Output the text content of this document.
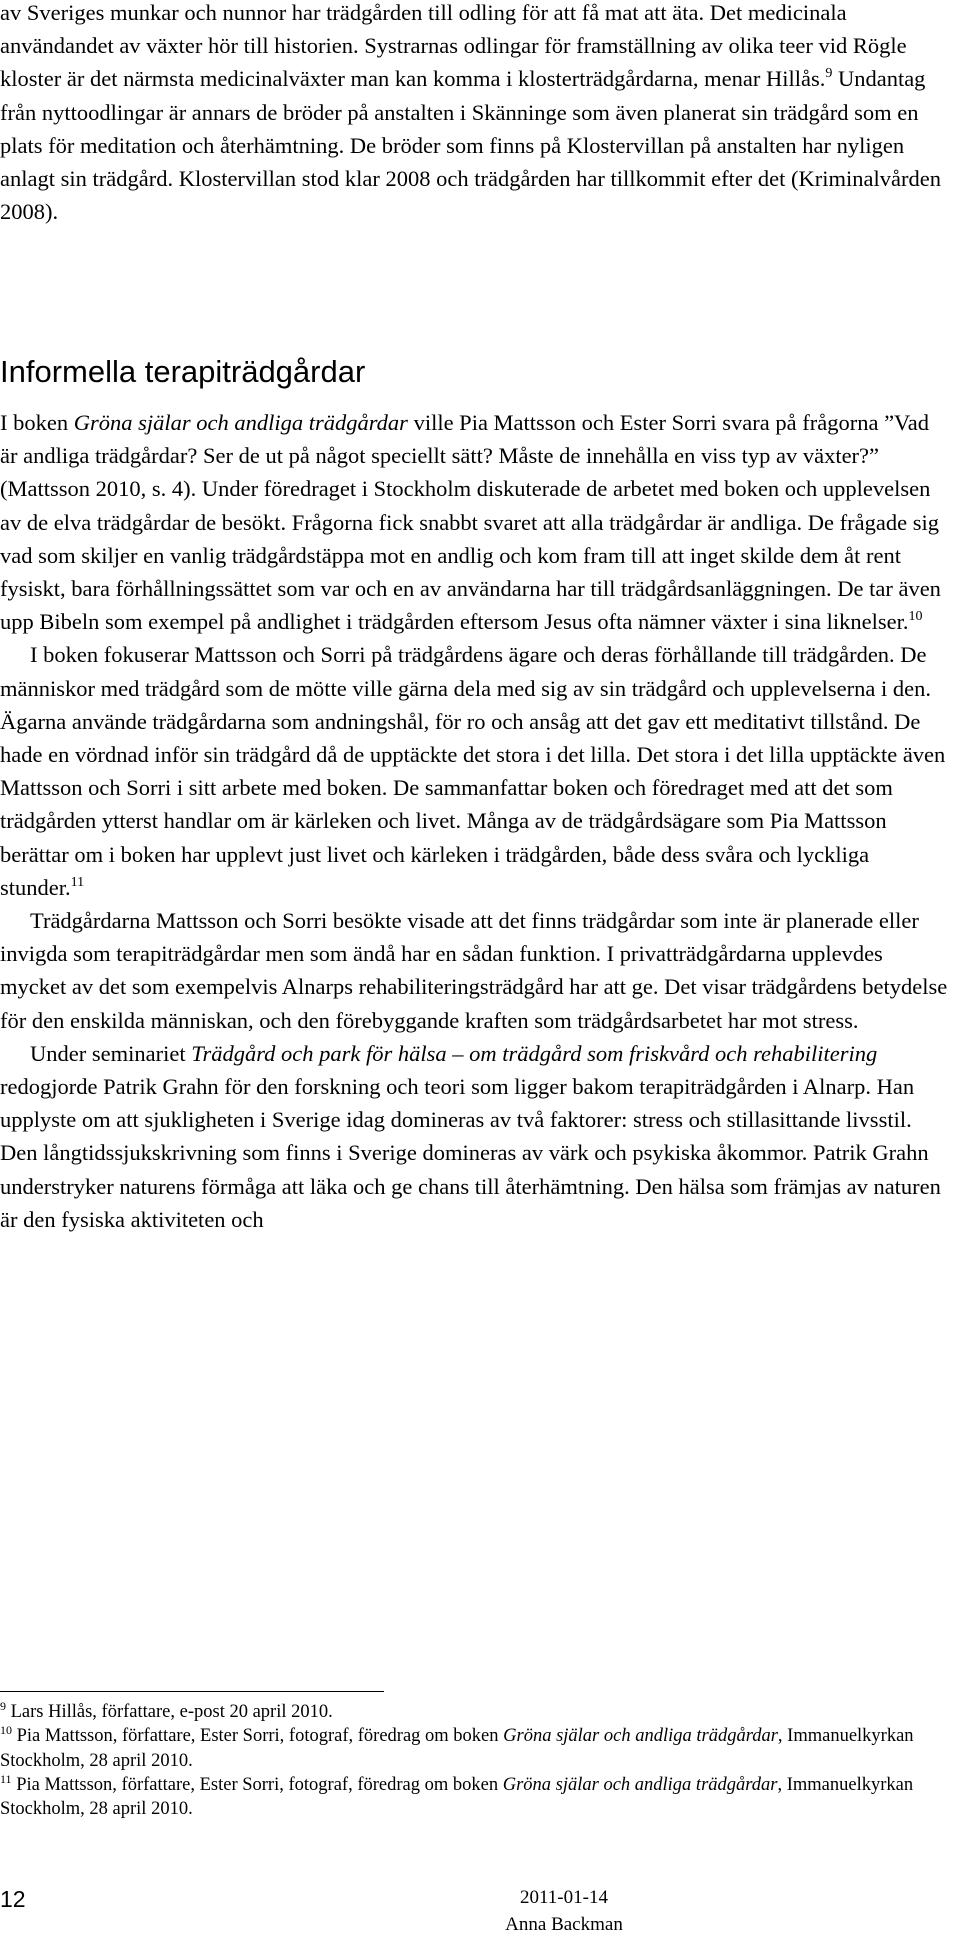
av Sveriges munkar och nunnor har trädgården till odling för att få mat att äta. Det medicinala användandet av växter hör till historien. Systrarnas odlingar för framställning av olika teer vid Rögle kloster är det närmsta medicinalväxter man kan komma i klosterträdgårdarna, menar Hillås.$^9$ Undantag från nyttoodlingar är annars de bröder på anstalten i Skänninge som även planerat sin trädgård som en plats för meditation och återhämtning. De bröder som finns på Klostervillan på anstalten har nyligen anlagt sin trädgård. Klostervillan stod klar 2008 och trädgården har tillkommit efter det (Kriminalvården 2008).

Informella terapiträdgårdar

I boken Gröna själar och andliga trädgårdar ville Pia Mattsson och Ester Sorri svara på frågorna ”Vad är andliga trädgårdar? Ser de ut på något speciellt sätt? Måste de innehålla en viss typ av växter?” (Mattsson 2010, s. 4). Under föredraget i Stockholm diskuterade de arbetet med boken och upplevelsen av de elva trädgårdar de besökt. Frågorna fick snabbt svaret att alla trädgårdar är andliga. De frågade sig vad som skiljer en vanlig trädgårdstäppa mot en andlig och kom fram till att inget skilde dem åt rent fysiskt, bara förhållningssättet som var och en av användarna har till trädgårdsanläggningen. De tar även upp Bibeln som exempel på andlighet i trädgården eftersom Jesus ofta nämner växter i sina liknelser.$^{10}$

I boken fokuserar Mattsson och Sorri på trädgårdens ägare och deras förhållande till trädgården. De människor med trädgård som de mötte ville gärna dela med sig av sin trädgård och upplevelserna i den. Ägarna använde trädgårdarna som andningshål, för ro och ansåg att det gav ett meditativt tillstånd. De hade en vördnad inför sin trädgård då de upptäckte det stora i det lilla. Det stora i det lilla upptäckte även Mattsson och Sorri i sitt arbete med boken. De sammanfattar boken och föredraget med att det som trädgården ytterst handlar om är kärleken och livet. Många av de trädgårdsägare som Pia Mattsson berättar om i boken har upplevt just livet och kärleken i trädgården, både dess svåra och lyckliga stunder.$^{11}$

Trädgårdarna Mattsson och Sorri besökte visade att det finns trädgårdar som inte är planerade eller invigda som terapiträdgårdar men som ändå har en sådan funktion. I privatträdgårdarna upplevdes mycket av det som exempelvis Alnarps rehabiliteringsträdgård har att ge. Det visar trädgårdens betydelse för den enskilda människan, och den förebyggande kraften som trädgårdsarbetet har mot stress.

Under seminariet Trädgård och park för hälsa – om trädgård som friskvård och rehabilitering redogjorde Patrik Grahn för den forskning och teori som ligger bakom terapiträdgården i Alnarp. Han upplyste om att sjukligheten i Sverige idag domineras av två faktorer: stress och stillasittande livsstil. Den långtidssjukskrivning som finns i Sverige domineras av värk och psykiska åkommor. Patrik Grahn understryker naturens förmåga att läka och ge chans till återhämtning. Den hälsa som främjas av naturen är den fysiska aktiviteten och

$^9$ Lars Hillås, författare, e-post 20 april 2010.

$^{10}$ Pia Mattsson, författare, Ester Sorri, fotograf, föredrag om boken Gröna själar och andliga trädgårdar, Immanuelkyrkan Stockholm, 28 april 2010.

$^{11}$ Pia Mattsson, författare, Ester Sorri, fotograf, föredrag om boken Gröna själar och andliga trädgårdar, Immanuelkyrkan Stockholm, 28 april 2010.

12	2011-01-14
Anna Backman
